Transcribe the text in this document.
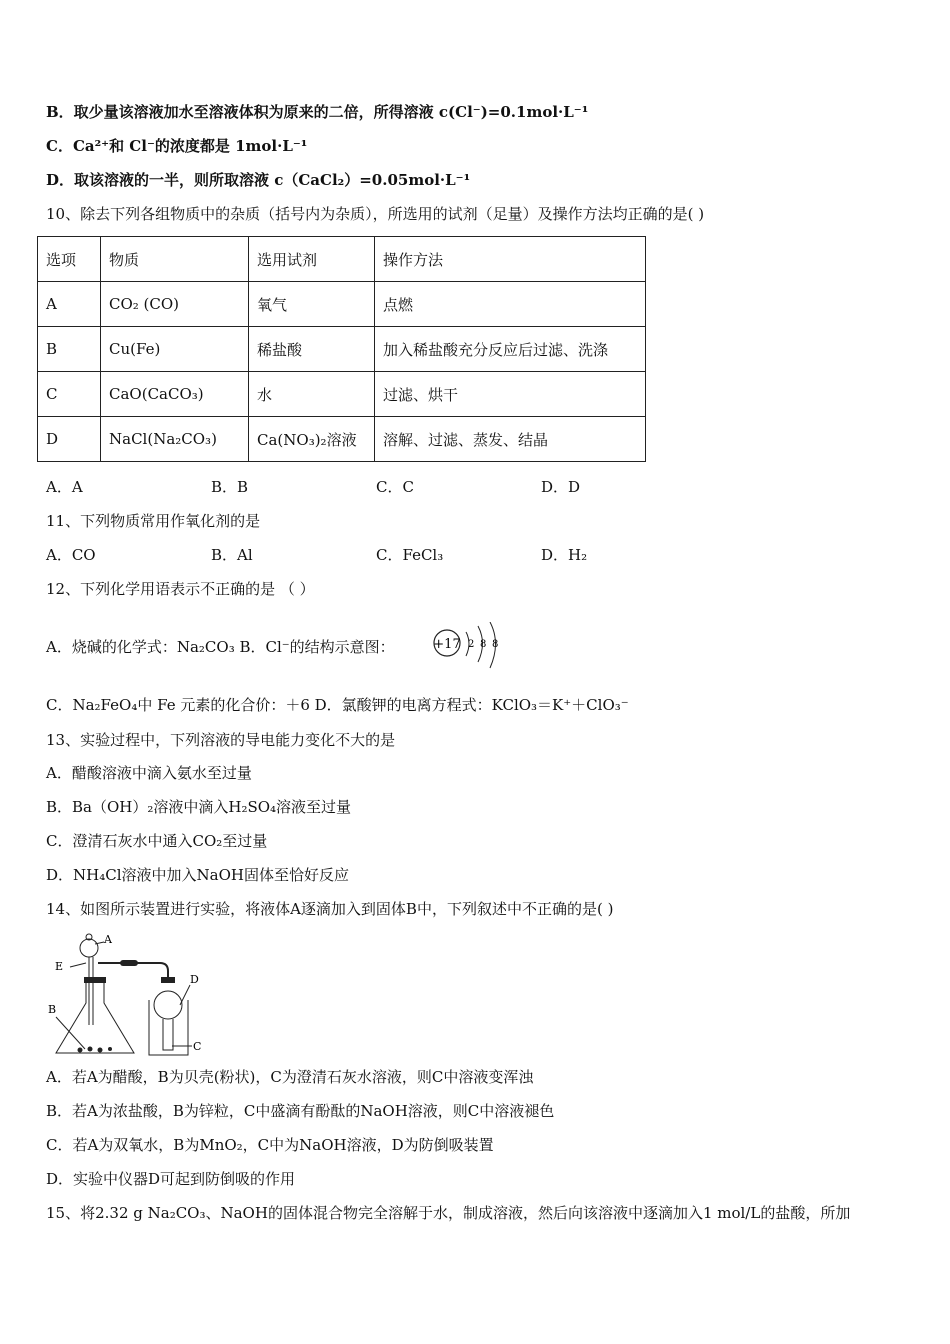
B．取少量该溶液加水至溶液体积为原来的二倍，所得溶液 c(Cl⁻)=0.1mol·L⁻¹
C．Ca²⁺和 Cl⁻的浓度都是 1mol·L⁻¹
D．取该溶液的一半，则所取溶液 c（CaCl₂）=0.05mol·L⁻¹
10、除去下列各组物质中的杂质（括号内为杂质），所选用的试剂（足量）及操作方法均正确的是( )
选项	物质	选用试剂	操作方法
A	CO₂ (CO)	氧气	点燃
B	Cu(Fe)	稀盐酸	加入稀盐酸充分反应后过滤、洗涤
C	CaO(CaCO₃)	水	过滤、烘干
D	NaCl(Na₂CO₃)	Ca(NO₃)₂溶液	溶解、过滤、蒸发、结晶
A．A	B．B	C．C	D．D
11、下列物质常用作氧化剂的是
A．CO	B．Al	C．FeCl₃	D．H₂
12、下列化学用语表示不正确的是 （ ）
A．烧碱的化学式：Na₂CO₃ B．Cl⁻的结构示意图：	+17 2 8 8
C．Na₂FeO₄中 Fe 元素的化合价：＋6 D．氯酸钾的电离方程式：KClO₃＝K⁺＋ClO₃⁻
13、实验过程中，下列溶液的导电能力变化不大的是
A．醋酸溶液中滴入氨水至过量
B．Ba（OH）₂溶液中滴入H₂SO₄溶液至过量
C．澄清石灰水中通入CO₂至过量
D．NH₄Cl溶液中加入NaOH固体至恰好反应
14、如图所示装置进行实验，将液体A逐滴加入到固体B中，下列叙述中不正确的是( )
A
E
B
D
C
A．若A为醋酸，B为贝壳(粉状)，C为澄清石灰水溶液，则C中溶液变浑浊
B．若A为浓盐酸，B为锌粒，C中盛滴有酚酞的NaOH溶液，则C中溶液褪色
C．若A为双氧水，B为MnO₂，C中为NaOH溶液，D为防倒吸装置
D．实验中仪器D可起到防倒吸的作用
15、将2.32 g Na₂CO₃、NaOH的固体混合物完全溶解于水，制成溶液，然后向该溶液中逐滴加入1 mol/L的盐酸，所加
